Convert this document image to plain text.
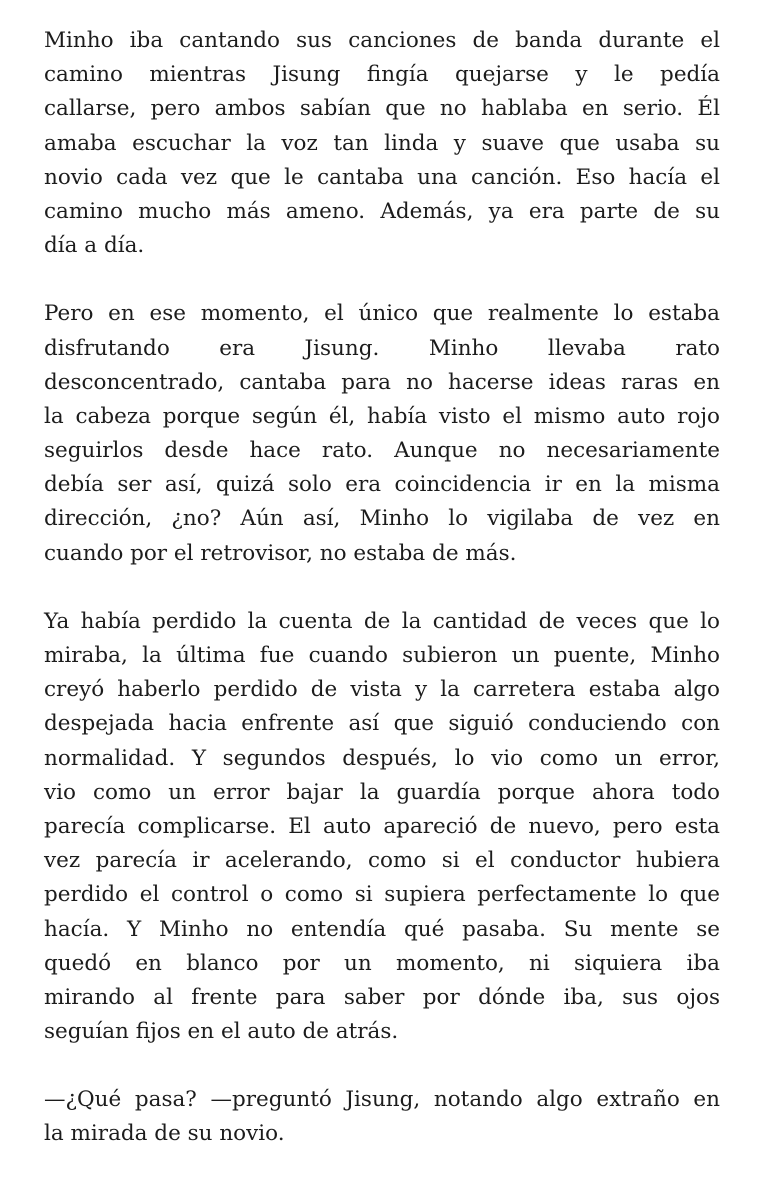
Minho iba cantando sus canciones de banda durante el
camino mientras Jisung fingía quejarse y le pedía
callarse, pero ambos sabían que no hablaba en serio. Él
amaba escuchar la voz tan linda y suave que usaba su
novio cada vez que le cantaba una canción. Eso hacía el
camino mucho más ameno. Además, ya era parte de su
día a día.

Pero en ese momento, el único que realmente lo estaba
disfrutando era Jisung. Minho llevaba rato
desconcentrado, cantaba para no hacerse ideas raras en
la cabeza porque según él, había visto el mismo auto rojo
seguirlos desde hace rato. Aunque no necesariamente
debía ser así, quizá solo era coincidencia ir en la misma
dirección, ¿no? Aún así, Minho lo vigilaba de vez en
cuando por el retrovisor, no estaba de más.

Ya había perdido la cuenta de la cantidad de veces que lo
miraba, la última fue cuando subieron un puente, Minho
creyó haberlo perdido de vista y la carretera estaba algo
despejada hacia enfrente así que siguió conduciendo con
normalidad. Y segundos después, lo vio como un error,
vio como un error bajar la guardía porque ahora todo
parecía complicarse. El auto apareció de nuevo, pero esta
vez parecía ir acelerando, como si el conductor hubiera
perdido el control o como si supiera perfectamente lo que
hacía. Y Minho no entendía qué pasaba. Su mente se
quedó en blanco por un momento, ni siquiera iba
mirando al frente para saber por dónde iba, sus ojos
seguían fijos en el auto de atrás.

—¿Qué pasa? —preguntó Jisung, notando algo extraño en
la mirada de su novio.
